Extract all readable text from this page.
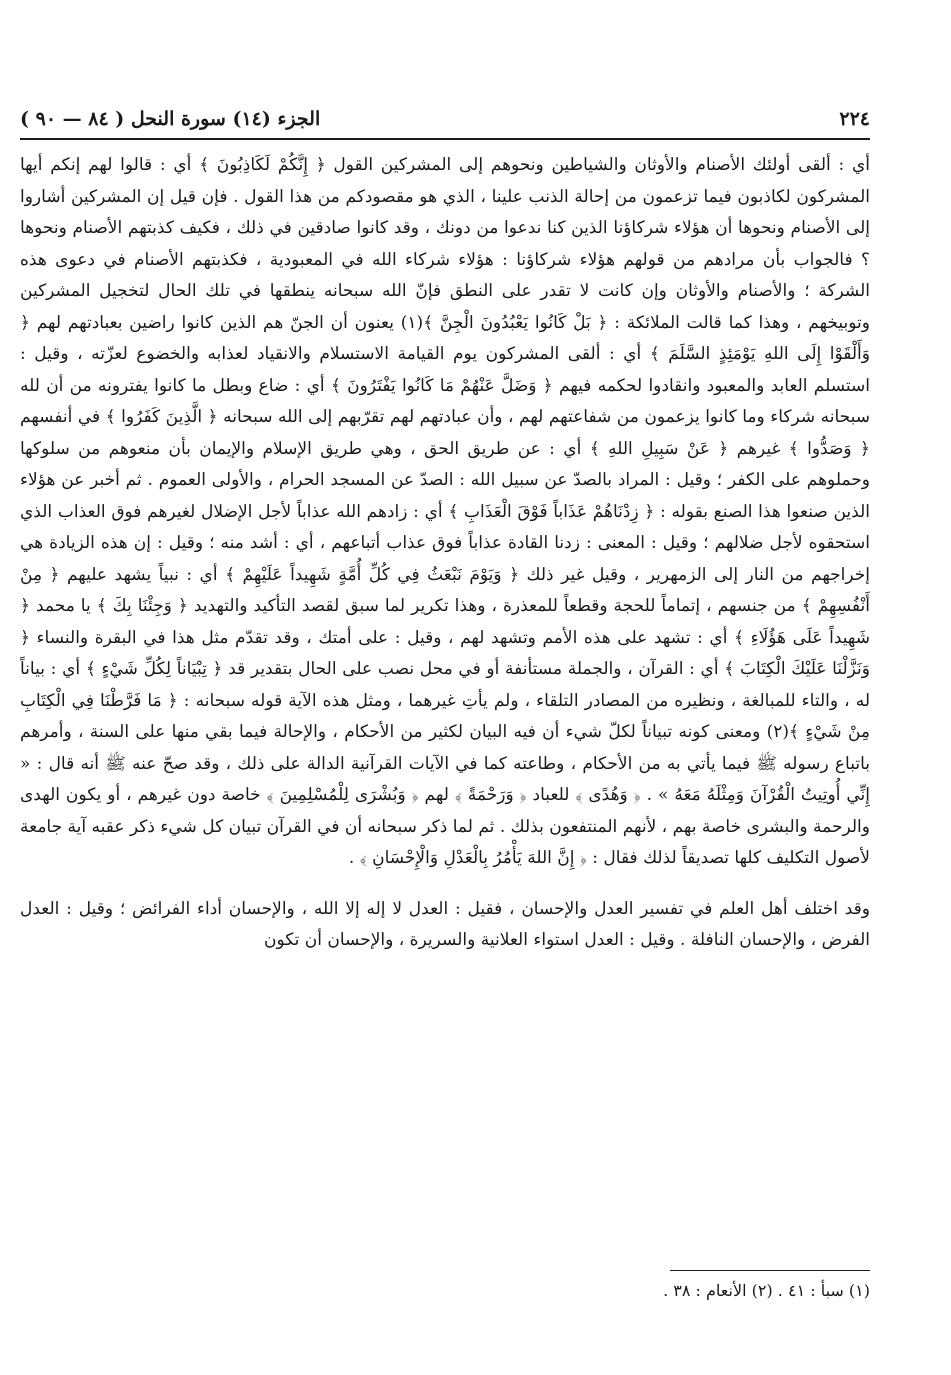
٢٢٤
الجزء (١٤) سورة النحل ( ٨٤ — ٩٠ )

أي : ألقى أولئك الأصنام والأوثان والشياطين ونحوهم إلى المشركين القول ﴿ إِنَّكُمْ لَكَاذِبُونَ ﴾ أي : قالوا لهم إنكم أيها المشركون لكاذبون فيما تزعمون من إحالة الذنب علينا ، الذي هو مقصودكم من هذا القول . فإن قيل إن المشركين أشاروا إلى الأصنام ونحوها أن هؤلاء شركاؤنا الذين كنا ندعوا من دونك ، وقد كانوا صادقين في ذلك ، فكيف كذبتهم الأصنام ونحوها ؟ فالجواب بأن مرادهم من قولهم هؤلاء شركاؤنا : هؤلاء شركاء الله في المعبودية ، فكذبتهم الأصنام في دعوى هذه الشركة ؛ والأصنام والأوثان وإن كانت لا تقدر على النطق فإنّ الله سبحانه ينطقها في تلك الحال لتخجيل المشركين وتوبيخهم ، وهذا كما قالت الملائكة : ﴿ بَلْ كَانُوا يَعْبُدُونَ الْجِنَّ ﴾(١) يعنون أن الجنّ هم الذين كانوا راضين بعبادتهم لهم ﴿ وَأَلْقَوْا إِلَى اللهِ يَوْمَئِذٍ السَّلَمَ ﴾ أي : ألقى المشركون يوم القيامة الاستسلام والانقياد لعذابه والخضوع لعزّته ، وقيل : استسلم العابد والمعبود وانقادوا لحكمه فيهم ﴿ وَضَلَّ عَنْهُمْ مَا كَانُوا يَفْتَرُونَ ﴾ أي : ضاع وبطل ما كانوا يفترونه من أن لله سبحانه شركاء وما كانوا يزعمون من شفاعتهم لهم ، وأن عبادتهم لهم تقرّبهم إلى الله سبحانه ﴿ الَّذِينَ كَفَرُوا ﴾ في أنفسهم ﴿ وَصَدُّوا ﴾ غيرهم ﴿ عَنْ سَبِيلِ اللهِ ﴾ أي : عن طريق الحق ، وهي طريق الإسلام والإيمان بأن منعوهم من سلوكها وحملوهم على الكفر ؛ وقيل : المراد بالصدّ عن سبيل الله : الصدّ عن المسجد الحرام ، والأولى العموم . ثم أخبر عن هؤلاء الذين صنعوا هذا الصنع بقوله : ﴿ زِدْنَاهُمْ عَذَاباً فَوْقَ الْعَذَابِ ﴾ أي : زادهم الله عذاباً لأجل الإضلال لغيرهم فوق العذاب الذي استحقوه لأجل ضلالهم ؛ وقيل : المعنى : زدنا القادة عذاباً فوق عذاب أتباعهم ، أي : أشد منه ؛ وقيل : إن هذه الزيادة هي إخراجهم من النار إلى الزمهرير ، وقيل غير ذلك ﴿ وَيَوْمَ نَبْعَثُ فِي كُلِّ أُمَّةٍ شَهِيداً عَلَيْهِمْ ﴾ أي : نبياً يشهد عليهم ﴿ مِنْ أَنْفُسِهِمْ ﴾ من جنسهم ، إتماماً للحجة وقطعاً للمعذرة ، وهذا تكرير لما سبق لقصد التأكيد والتهديد ﴿ وَجِئْنَا بِكَ ﴾ يا محمد ﴿ شَهِيداً عَلَى هَؤُلَاءِ ﴾ أي : تشهد على هذه الأمم وتشهد لهم ، وقيل : على أمتك ، وقد تقدّم مثل هذا في البقرة والنساء ﴿ وَنَزَّلْنَا عَلَيْكَ الْكِتَابَ ﴾ أي : القرآن ، والجملة مستأنفة أو في محل نصب على الحال بتقدير قد ﴿ تِبْيَاناً لِكُلِّ شَيْءٍ ﴾ أي : بياناً له ، والتاء للمبالغة ، ونظيره من المصادر التلقاء ، ولم يأتِ غيرهما ، ومثل هذه الآية قوله سبحانه : ﴿ مَا فَرَّطْنَا فِي الْكِتَابِ مِنْ شَيْءٍ ﴾(٢) ومعنى كونه تبياناً لكلّ شيء أن فيه البيان لكثير من الأحكام ، والإحالة فيما بقي منها على السنة ، وأمرهم باتباع رسوله ﷺ فيما يأتي به من الأحكام ، وطاعته كما في الآيات القرآنية الدالة على ذلك ، وقد صحّ عنه ﷺ أنه قال : « إِنِّي أُوتِيتُ الْقُرْآنَ وَمِثْلَهُ مَعَهُ » . ﴿ وَهُدًى ﴾ للعباد ﴿ وَرَحْمَةً ﴾ لهم ﴿ وَبُشْرَى لِلْمُسْلِمِينَ ﴾ خاصة دون غيرهم ، أو يكون الهدى والرحمة والبشرى خاصة بهم ، لأنهم المنتفعون بذلك . ثم لما ذكر سبحانه أن في القرآن تبيان كل شيء ذكر عقبه آية جامعة لأصول التكليف كلها تصديقاً لذلك فقال : ﴿ إِنَّ اللهَ يَأْمُرُ بِالْعَدْلِ وَالْإِحْسَانِ ﴾ .

وقد اختلف أهل العلم في تفسير العدل والإحسان ، فقيل : العدل لا إله إلا الله ، والإحسان أداء الفرائض ؛ وقيل : العدل الفرض ، والإحسان النافلة . وقيل : العدل استواء العلانية والسريرة ، والإحسان أن تكون

(١) سبأ : ٤١ . (٢) الأنعام : ٣٨ .
